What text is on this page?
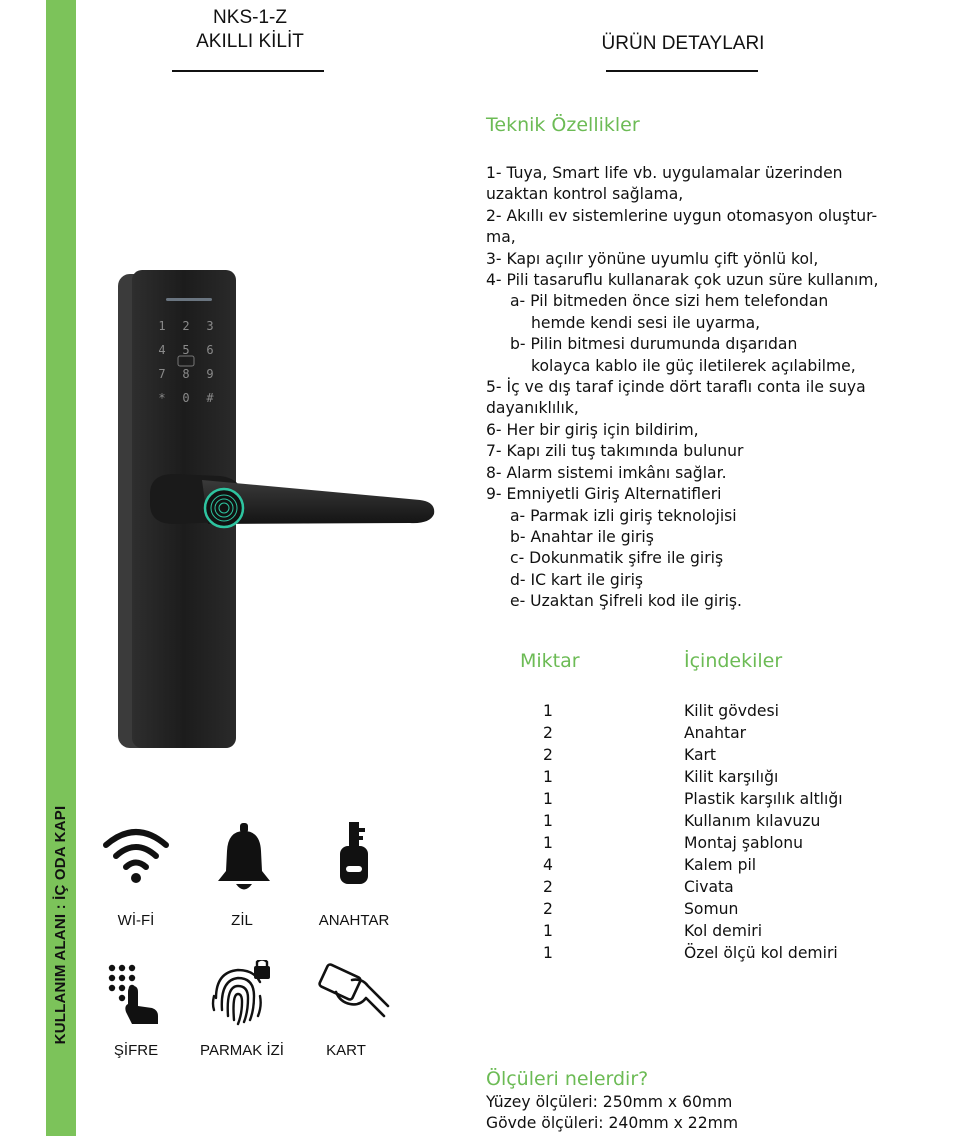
KULLANIM ALANI : İÇ ODA KAPI
NKS-1-Z
AKILLI KİLİT	ÜRÜN DETAYLARI
1 2 3
4 5 6
7 8 9
* 0 #
Wİ-Fİ	ZİL	ANAHTAR
ŞİFRE	PARMAK İZİ	KART
Teknik Özellikler
1- Tuya, Smart life vb. uygulamalar üzerinden
uzaktan kontrol sağlama,
2- Akıllı ev sistemlerine uygun otomasyon oluştur-
ma,
3- Kapı açılır yönüne uyumlu çift yönlü kol,
4- Pili tasaruflu kullanarak çok uzun süre kullanım,
a- Pil bitmeden önce sizi hem telefondan
hemde kendi sesi ile uyarma,
b- Pilin bitmesi durumunda dışarıdan
kolayca kablo ile güç iletilerek açılabilme,
5- İç ve dış taraf içinde dört taraflı conta ile suya
dayanıklılık,
6- Her bir giriş için bildirim,
7- Kapı zili tuş takımında bulunur
8- Alarm sistemi imkânı sağlar.
9- Emniyetli Giriş Alternatifleri
a- Parmak izli giriş teknolojisi
b- Anahtar ile giriş
c- Dokunmatik şifre ile giriş
d- IC kart ile giriş
e- Uzaktan Şifreli kod ile giriş.
Miktar	İçindekiler
1	Kilit gövdesi
2	Anahtar
2	Kart
1	Kilit karşılığı
1	Plastik karşılık altlığı
1	Kullanım kılavuzu
1	Montaj şablonu
4	Kalem pil
2	Civata
2	Somun
1	Kol demiri
1	Özel ölçü kol demiri
Ölçüleri nelerdir?
Yüzey ölçüleri: 250mm x 60mm
Gövde ölçüleri: 240mm x 22mm
